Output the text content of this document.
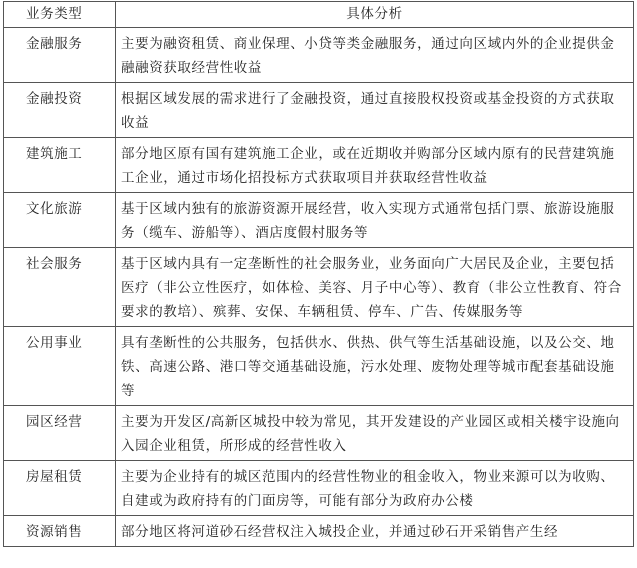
业务类型	具体分析
金融服务	主要为融资租赁、商业保理、小贷等类金融服务，通过向区域内外的企业提供金融融资获取经营性收益
金融投资	根据区域发展的需求进行了金融投资，通过直接股权投资或基金投资的方式获取收益
建筑施工	部分地区原有国有建筑施工企业，或在近期收并购部分区域内原有的民营建筑施工企业，通过市场化招投标方式获取项目并获取经营性收益
文化旅游	基于区域内独有的旅游资源开展经营，收入实现方式通常包括门票、旅游设施服务（缆车、游船等）、酒店度假村服务等
社会服务	基于区域内具有一定垄断性的社会服务业，业务面向广大居民及企业，主要包括医疗（非公立性医疗，如体检、美容、月子中心等）、教育（非公立性教育、符合要求的教培）、殡葬、安保、车辆租赁、停车、广告、传媒服务等
公用事业	具有垄断性的公共服务，包括供水、供热、供气等生活基础设施，以及公交、地铁、高速公路、港口等交通基础设施，污水处理、废物处理等城市配套基础设施等
园区经营	主要为开发区/高新区城投中较为常见，其开发建设的产业园区或相关楼宇设施向入园企业租赁，所形成的经营性收入
房屋租赁	主要为企业持有的城区范围内的经营性物业的租金收入，物业来源可以为收购、自建或为政府持有的门面房等，可能有部分为政府办公楼
资源销售	部分地区将河道砂石经营权注入城投企业，并通过砂石开采销售产生经
